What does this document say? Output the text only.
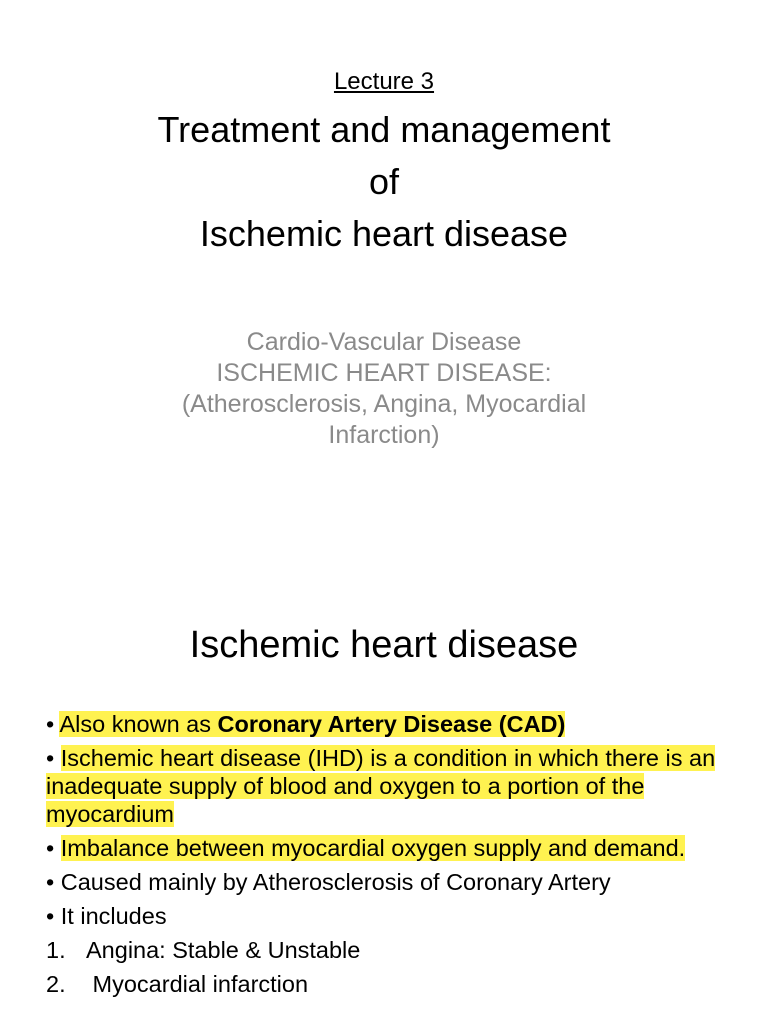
Lecture 3
Treatment and management
of
Ischemic heart disease
Cardio-Vascular Disease
ISCHEMIC HEART DISEASE:
(Atherosclerosis, Angina, Myocardial
Infarction)
Ischemic heart disease
• Also known as Coronary Artery Disease (CAD)
• Ischemic heart disease (IHD) is a condition in which there is an inadequate supply of blood and oxygen to a portion of the myocardium
• Imbalance between myocardial oxygen supply and demand.
• Caused mainly by Atherosclerosis of Coronary Artery
• It includes
1. Angina: Stable & Unstable
2. Myocardial infarction
